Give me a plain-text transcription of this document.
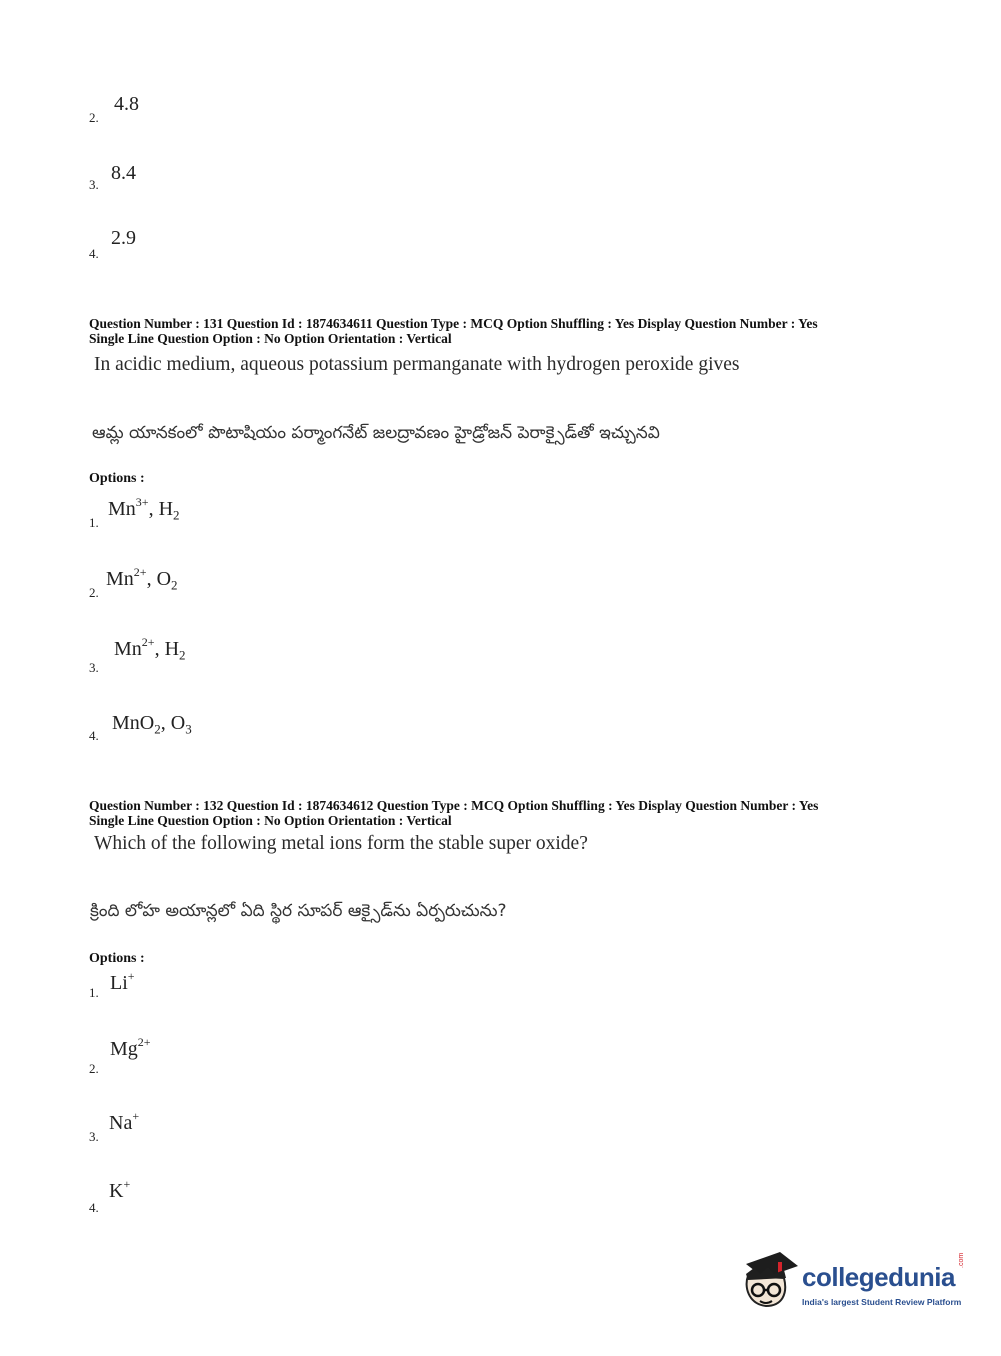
2.
4.8
3.
8.4
4.
2.9
Question Number : 131 Question Id : 1874634611 Question Type : MCQ Option Shuffling : Yes Display Question Number : Yes
Single Line Question Option : No Option Orientation : Vertical
In acidic medium, aqueous potassium permanganate with hydrogen peroxide gives
ఆమ్ల యానకంలో పొటాషియం పర్మాంగనేట్ జలద్రావణం హైడ్రోజన్ పెరాక్సైడ్‌తో ఇచ్చునవి
Options :
1.
$Mn^{3+}$, $H_2$
2.
$Mn^{2+}$, $O_2$
3.
$Mn^{2+}$, $H_2$
4.
MnO$_2$, $O_3$
Question Number : 132 Question Id : 1874634612 Question Type : MCQ Option Shuffling : Yes Display Question Number : Yes
Single Line Question Option : No Option Orientation : Vertical
Which of the following metal ions form the stable super oxide?
క్రింది లోహ అయాన్లలో ఏది స్థిర సూపర్ ఆక్సైడ్‌ను ఏర్పరుచును?
Options :
1. Li+
2.
$Mg^{2+}$
3.
Na+
4.
K+
collegedunia
.com
India's largest Student Review Platform
